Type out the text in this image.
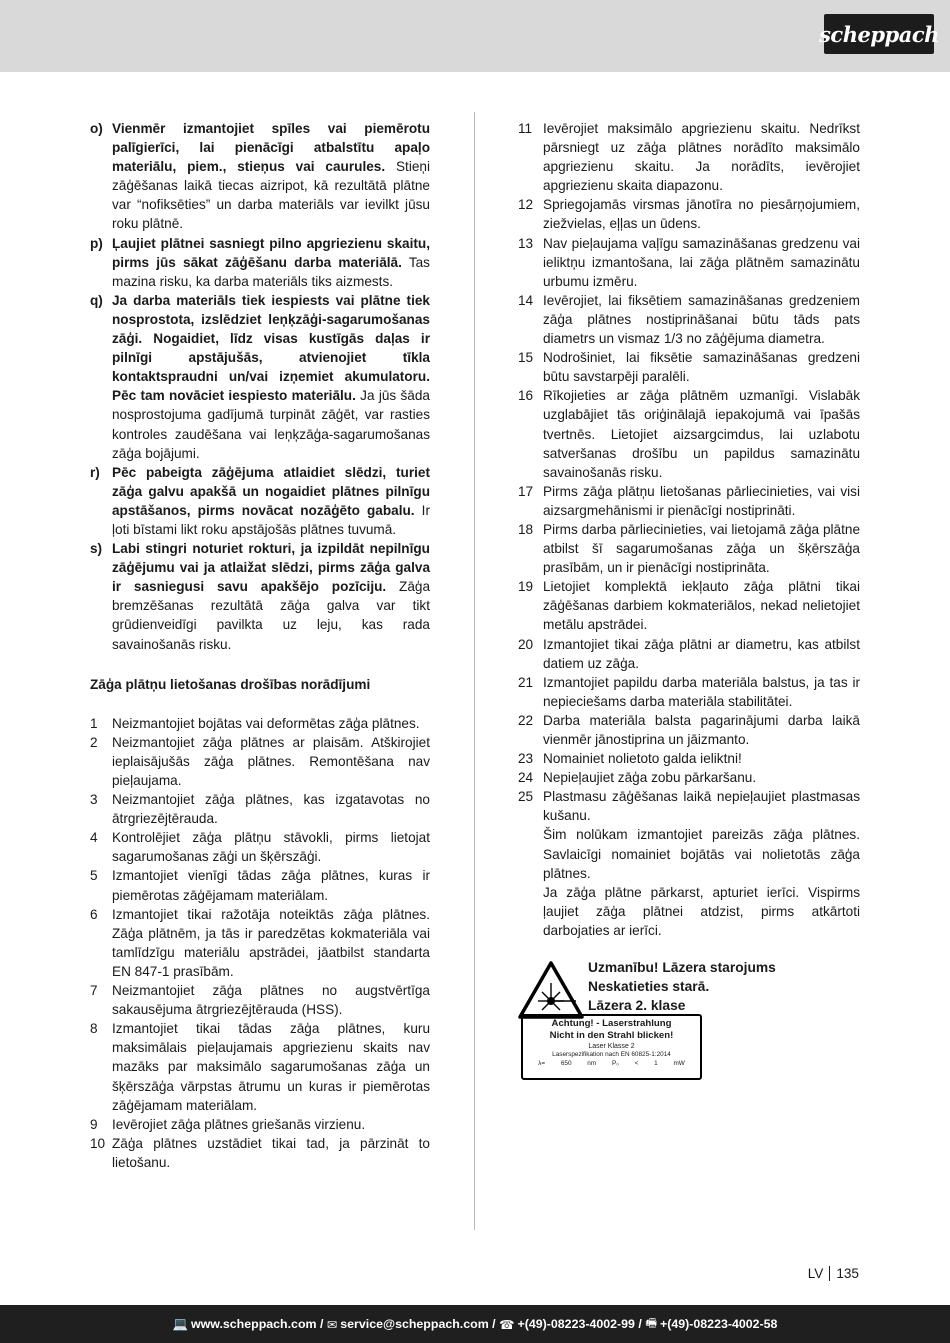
scheppach
o) Vienmēr izmantojiet spīles vai piemērotu palīgierīci, lai pienācīgi atbalstītu apaļo materiālu, piem., stieņus vai caurules. Stieņi zāģēšanas laikā tiecas aizripot, kā rezultātā plātne var “nofiksēties” un darba materiāls var ievilkt jūsu roku plātnē.
p) Ļaujiet plātnei sasniegt pilno apgriezienu skaitu, pirms jūs sākat zāģēšanu darba materiālā. Tas mazina risku, ka darba materiāls tiks aizmests.
q) Ja darba materiāls tiek iespiests vai plātne tiek nosprostota, izslēdziet leņķzāģi-sagarumošanas zāģi. Nogaidiet, līdz visas kustīgās daļas ir pilnīgi apstājušās, atvienojiet tīkla kontaktspraudni un/vai izņemiet akumulatoru. Pēc tam novāciet iespiesto materiālu. Ja jūs šāda nosprostojuma gadījumā turpināt zāģēt, var rasties kontroles zaudēšana vai leņķzāģa-sagarumošanas zāģa bojājumi.
r) Pēc pabeigta zāģējuma atlaidiet slēdzi, turiet zāģa galvu apakšā un nogaidiet plātnes pilnīgu apstāšanos, pirms novācat nozāģēto gabalu. Ir ļoti bīstami likt roku apstājošās plātnes tuvumā.
s) Labi stingri noturiet rokturi, ja izpildāt nepilnīgu zāģējumu vai ja atlaižat slēdzi, pirms zāģa galva ir sasniegusi savu apakšējo pozīciju. Zāģa bremzēšanas rezultātā zāģa galva var tikt grūdienveidīgi pavilkta uz leju, kas rada savainošanās risku.
Zāģa plātņu lietošanas drošības norādījumi
1	Neizmantojiet bojātas vai deformētas zāģa plātnes.
2	Neizmantojiet zāģa plātnes ar plaisām. Atškirojiet ieplaisājušās zāģa plātnes. Remontēšana nav pieļaujama.
3	Neizmantojiet zāģa plātnes, kas izgatavotas no ātrgriezējtērauda.
4	Kontrolējiet zāģa plātņu stāvokli, pirms lietojat sagarumošanas zāģi un šķērszāģi.
5	Izmantojiet vienīgi tādas zāģa plātnes, kuras ir piemērotas zāģējamam materiālam.
6	Izmantojiet tikai ražotāja noteiktās zāģa plātnes. Zāģa plātnēm, ja tās ir paredzētas kokmateriāla vai tamlīdzīgu materiālu apstrādei, jāatbilst standarta EN 847-1 prasībām.
7	Neizmantojiet zāģa plātnes no augstvērtīga sakausējuma ātrgriezējtērauda (HSS).
8	Izmantojiet tikai tādas zāģa plātnes, kuru maksimālais pieļaujamais apgriezienu skaits nav mazāks par maksimālo sagarumošanas zāģa un šķērszāģa vārpstas ātrumu un kuras ir piemērotas zāģējamam materiālam.
9	Ievērojiet zāģa plātnes griešanās virzienu.
10 Zāģa plātnes uzstādiet tikai tad, ja pārzināt to lietošanu.
11 Ievērojiet maksimālo apgriezienu skaitu. Nedrīkst pārsniegt uz zāģa plātnes norādīto maksimālo apgriezienu skaitu. Ja norādīts, ievērojiet apgriezienu skaita diapazonu.
12 Spriegojamās virsmas jānotīra no piesārņojumiem, ziežvielas, eļļas un ūdens.
13 Nav pieļaujama vaļīgu samazināšanas gredzenu vai ieliktņu izmantošana, lai zāģa plātnēm samazinātu urbumu izmēru.
14 Ievērojiet, lai fiksētiem samazināšanas gredzeniem zāģa plātnes nostiprināšanai būtu tāds pats diametrs un vismaz 1/3 no zāģējuma diametra.
15 Nodrošiniet, lai fiksētie samazināšanas gredzeni būtu savstarpēji paralēli.
16 Rīkojieties ar zāģa plātnēm uzmanīgi. Vislabāk uzglabājiet tās oriģinālajā iepakojumā vai īpašās tvertnēs. Lietojiet aizsargcimdus, lai uzlabotu satveršanas drošību un papildus samazinātu savainošanās risku.
17 Pirms zāģa plātņu lietošanas pārliecinieties, vai visi aizsargmehānismi ir pienācīgi nostiprināti.
18 Pirms darba pārliecinieties, vai lietojamā zāģa plātne atbilst šī sagarumošanas zāģa un šķērszāģa prasībām, un ir pienācīgi nostiprināta.
19 Lietojiet komplektā iekļauto zāģa plātni tikai zāģēšanas darbiem kokmateriālos, nekad nelietojiet metālu apstrādei.
20 Izmantojiet tikai zāģa plātni ar diametru, kas atbilst datiem uz zāģa.
21 Izmantojiet papildu darba materiāla balstus, ja tas ir nepieciešams darba materiāla stabilitātei.
22 Darba materiāla balsta pagarinājumi darba laikā vienmēr jānostiprina un jāizmanto.
23 Nomainiet nolietoto galda ieliktni!
24 Nepieļaujiet zāģa zobu pārkaršanu.
25 Plastmasu zāģēšanas laikā nepieļaujiet plastmasas kušanu.
Šim nolūkam izmantojiet pareizās zāģa plātnes. Savlaicīgi nomainiet bojātās vai nolietotās zāģa plātnes.
Ja zāģa plātne pārkarst, apturiet ierīci. Vispirms ļaujiet zāģa plātnei atdzist, pirms atkārtoti darbojaties ar ierīci.
Uzmanību! Lāzera starojums
Neskatieties starā.
Lāzera 2. klase
Achtung! - Laserstrahlung
Nicht in den Strahl blicken!
Laser Klasse 2
Laserspezifikation nach EN 60825-1:2014
λ= 650 nm P₀ < 1 mW
LV 135
💻 www.scheppach.com /
✉ service@scheppach.com /
☎ +(49)-08223-4002-99 /
🖷 +(49)-08223-4002-58
